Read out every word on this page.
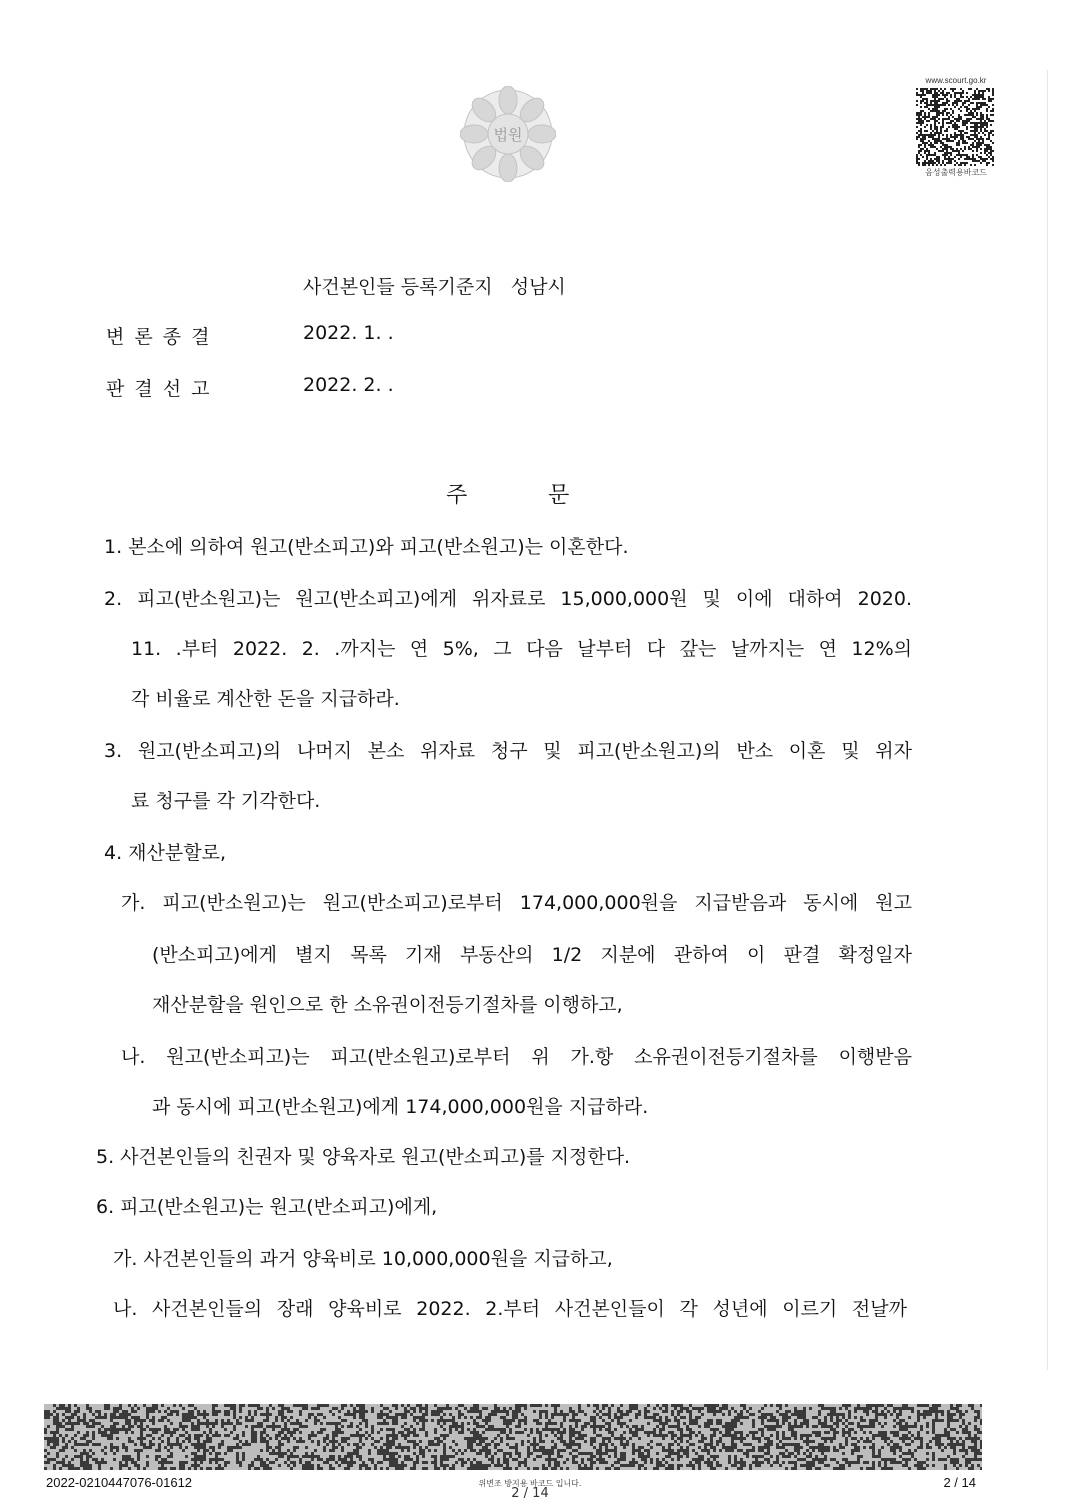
법원
www.scourt.go.kr
음성출력용바코드
사건본인들 등록기준지 성남시
변 론 종 결	2022. 1. .
판 결 선 고	2022. 2. .
주	문
1. 본소에 의하여 원고(반소피고)와 피고(반소원고)는 이혼한다.
2. 피고(반소원고)는 원고(반소피고)에게 위자료로 15,000,000원 및 이에 대하여 2020.
11. .부터 2022. 2. .까지는 연 5%, 그 다음 날부터 다 갚는 날까지는 연 12%의
각 비율로 계산한 돈을 지급하라.
3. 원고(반소피고)의 나머지 본소 위자료 청구 및 피고(반소원고)의 반소 이혼 및 위자
료 청구를 각 기각한다.
4. 재산분할로,
가. 피고(반소원고)는 원고(반소피고)로부터 174,000,000원을 지급받음과 동시에 원고
(반소피고)에게 별지 목록 기재 부동산의 1/2 지분에 관하여 이 판결 확정일자
재산분할을 원인으로 한 소유권이전등기절차를 이행하고,
나. 원고(반소피고)는 피고(반소원고)로부터 위 가.항 소유권이전등기절차를 이행받음
과 동시에 피고(반소원고)에게 174,000,000원을 지급하라.
5. 사건본인들의 친권자 및 양육자로 원고(반소피고)를 지정한다.
6. 피고(반소원고)는 원고(반소피고)에게,
가. 사건본인들의 과거 양육비로 10,000,000원을 지급하고,
나. 사건본인들의 장래 양육비로 2022. 2.부터 사건본인들이 각 성년에 이르기 전날까
2022-0210447076-01612	위변조 방지용 바코드 입니다.
2 / 14
2 / 14
